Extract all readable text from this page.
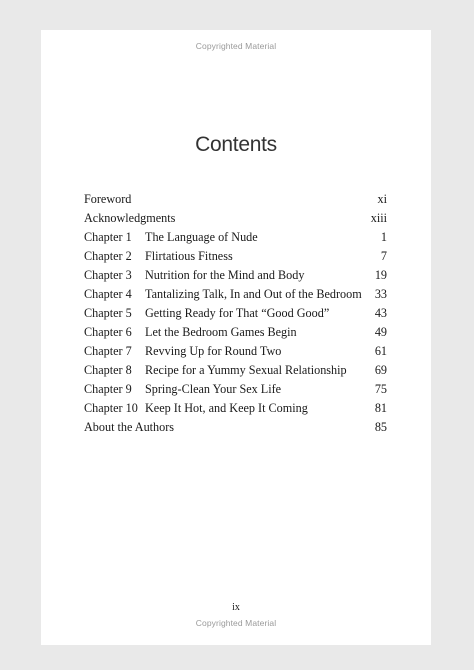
Copyrighted Material
Contents
Foreword	xi
Acknowledgments	xiii
Chapter 1 The Language of Nude	1
Chapter 2 Flirtatious Fitness	7
Chapter 3 Nutrition for the Mind and Body	19
Chapter 4 Tantalizing Talk, In and Out of the Bedroom 33
Chapter 5 Getting Ready for That “Good Good”	43
Chapter 6 Let the Bedroom Games Begin	49
Chapter 7 Revving Up for Round Two	61
Chapter 8 Recipe for a Yummy Sexual Relationship 69
Chapter 9 Spring-Clean Your Sex Life	75
Chapter 10 Keep It Hot, and Keep It Coming	81
About the Authors	85
ix
Copyrighted Material
